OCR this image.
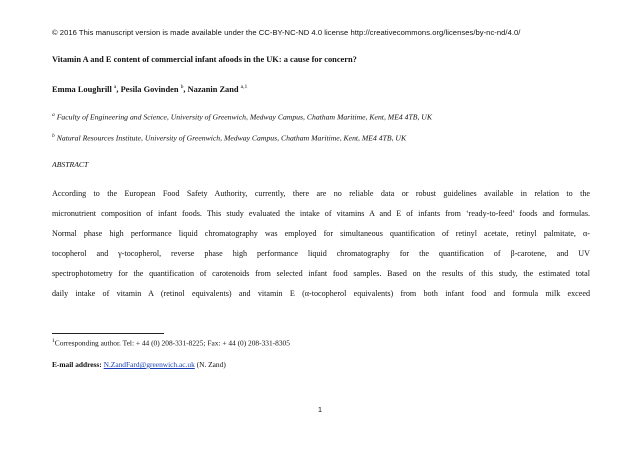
© 2016 This manuscript version is made available under the CC-BY-NC-ND 4.0 license http://creativecommons.org/licenses/by-nc-nd/4.0/
Vitamin A and E content of commercial infant afoods in the UK: a cause for concern?
Emma Loughrill $^a$, Pesila Govinden $^b$, Nazanin Zand $^{a,1}$
$^a$ Faculty of Engineering and Science, University of Greenwich, Medway Campus, Chatham Maritime, Kent, ME4 4TB, UK
$^b$ Natural Resources Institute, University of Greenwich, Medway Campus, Chatham Maritime, Kent, ME4 4TB, UK
ABSTRACT
According to the European Food Safety Authority, currently, there are no reliable data or robust guidelines available in relation to the
micronutrient composition of infant foods. This study evaluated the intake of vitamins A and E of infants from ‘ready-to-feed’ foods and formulas.
Normal phase high performance liquid chromatography was employed for simultaneous quantification of retinyl acetate, retinyl palmitate, α-
tocopherol and γ-tocopherol, reverse phase high performance liquid chromatography for the quantification of β-carotene, and UV
spectrophotometry for the quantification of carotenoids from selected infant food samples. Based on the results of this study, the estimated total
daily intake of vitamin A (retinol equivalents) and vitamin E (α-tocopherol equivalents) from both infant food and formula milk exceed
$^1$Corresponding author. Tel: + 44 (0) 208-331-8225; Fax: + 44 (0) 208-331-8305
E-mail address: N.ZandFard@greenwich.ac.uk (N. Zand)
1
